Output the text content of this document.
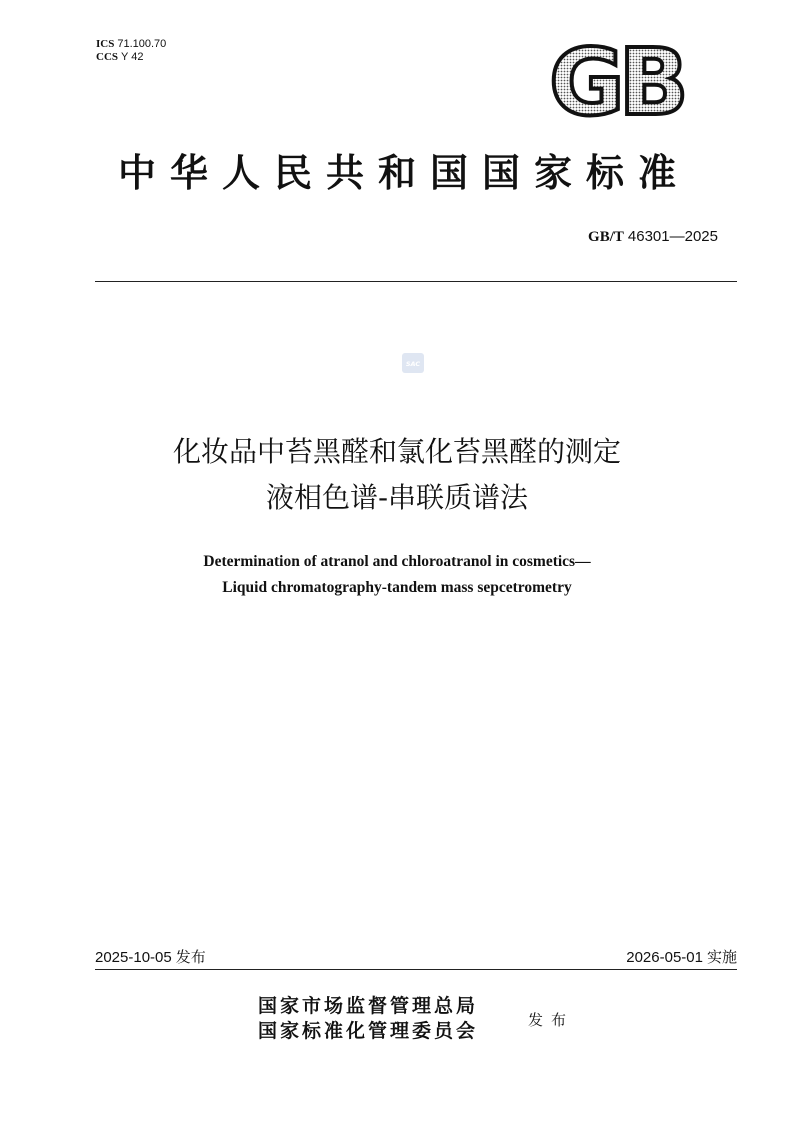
ICS 71.100.70
CCS Y 42	GB
中华人民共和国国家标准
GB/T 46301—2025
SAC
化妆品中苔黑醛和氯化苔黑醛的测定
液相色谱-串联质谱法
Determination of atranol and chloroatranol in cosmetics—
Liquid chromatography-tandem mass sepcetrometry
2025-10-05 发布	2026-05-01 实施
国家市场监督管理总局
国家标准化管理委员会	发布
